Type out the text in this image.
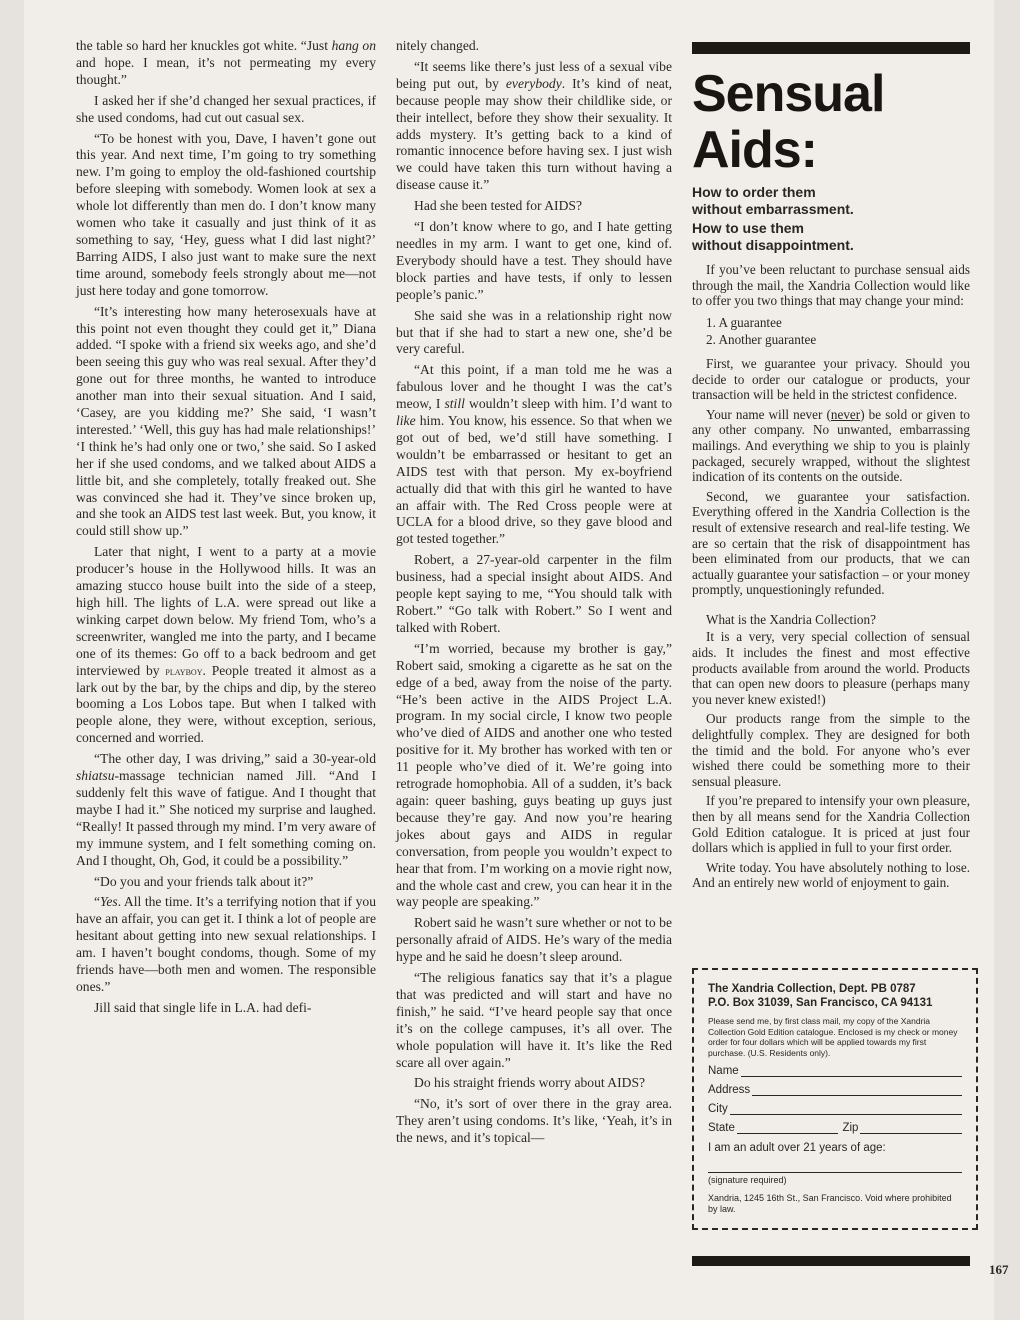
the table so hard her knuckles got white. “Just hang on and hope. I mean, it’s not permeating my every thought.”

I asked her if she’d changed her sexual practices, if she used condoms, had cut out casual sex.

“To be honest with you, Dave, I haven’t gone out this year. And next time, I’m going to try something new. I’m going to employ the old-fashioned courtship before sleeping with somebody. Women look at sex a whole lot differently than men do. I don’t know many women who take it casually and just think of it as something to say, ‘Hey, guess what I did last night?’ Barring AIDS, I also just want to make sure the next time around, somebody feels strongly about me—not just here today and gone tomorrow.

“It’s interesting how many heterosexuals have at this point not even thought they could get it,” Diana added. “I spoke with a friend six weeks ago, and she’d been seeing this guy who was real sexual. After they’d gone out for three months, he wanted to introduce another man into their sexual situation. And I said, ‘Casey, are you kidding me?’ She said, ‘I wasn’t interested.’ ‘Well, this guy has had male relationships!’ ‘I think he’s had only one or two,’ she said. So I asked her if she used condoms, and we talked about AIDS a little bit, and she completely, totally freaked out. She was convinced she had it. They’ve since broken up, and she took an AIDS test last week. But, you know, it could still show up.”

Later that night, I went to a party at a movie producer’s house in the Hollywood hills. It was an amazing stucco house built into the side of a steep, high hill. The lights of L.A. were spread out like a winking carpet down below. My friend Tom, who’s a screenwriter, wangled me into the party, and I became one of its themes: Go off to a back bedroom and get interviewed by playboy. People treated it almost as a lark out by the bar, by the chips and dip, by the stereo booming a Los Lobos tape. But when I talked with people alone, they were, without exception, serious, concerned and worried.

“The other day, I was driving,” said a 30-year-old shiatsu-massage technician named Jill. “And I suddenly felt this wave of fatigue. And I thought that maybe I had it.” She noticed my surprise and laughed. “Really! It passed through my mind. I’m very aware of my immune system, and I felt something coming on. And I thought, Oh, God, it could be a possibility.”

“Do you and your friends talk about it?”

“Yes. All the time. It’s a terrifying notion that if you have an affair, you can get it. I think a lot of people are hesitant about getting into new sexual relationships. I am. I haven’t bought condoms, though. Some of my friends have—both men and women. The responsible ones.”

Jill said that single life in L.A. had defi-

nitely changed.

“It seems like there’s just less of a sexual vibe being put out, by everybody. It’s kind of neat, because people may show their childlike side, or their intellect, before they show their sexuality. It adds mystery. It’s getting back to a kind of romantic innocence before having sex. I just wish we could have taken this turn without having a disease cause it.”

Had she been tested for AIDS?

“I don’t know where to go, and I hate getting needles in my arm. I want to get one, kind of. Everybody should have a test. They should have block parties and have tests, if only to lessen people’s panic.”

She said she was in a relationship right now but that if she had to start a new one, she’d be very careful.

“At this point, if a man told me he was a fabulous lover and he thought I was the cat’s meow, I still wouldn’t sleep with him. I’d want to like him. You know, his essence. So that when we got out of bed, we’d still have something. I wouldn’t be embarrassed or hesitant to get an AIDS test with that person. My ex-boyfriend actually did that with this girl he wanted to have an affair with. The Red Cross people were at UCLA for a blood drive, so they gave blood and got tested together.”

Robert, a 27-year-old carpenter in the film business, had a special insight about AIDS. And people kept saying to me, “You should talk with Robert.” “Go talk with Robert.” So I went and talked with Robert.

“I’m worried, because my brother is gay,” Robert said, smoking a cigarette as he sat on the edge of a bed, away from the noise of the party. “He’s been active in the AIDS Project L.A. program. In my social circle, I know two people who’ve died of AIDS and another one who tested positive for it. My brother has worked with ten or 11 people who’ve died of it. We’re going into retrograde homophobia. All of a sudden, it’s back again: queer bashing, guys beating up guys just because they’re gay. And now you’re hearing jokes about gays and AIDS in regular conversation, from people you wouldn’t expect to hear that from. I’m working on a movie right now, and the whole cast and crew, you can hear it in the way people are speaking.”

Robert said he wasn’t sure whether or not to be personally afraid of AIDS. He’s wary of the media hype and he said he doesn’t sleep around.

“The religious fanatics say that it’s a plague that was predicted and will start and have no finish,” he said. “I’ve heard people say that once it’s on the college campuses, it’s all over. The whole population will have it. It’s like the Red scare all over again.”

Do his straight friends worry about AIDS?

“No, it’s sort of over there in the gray area. They aren’t using condoms. It’s like, ‘Yeah, it’s in the news, and it’s topical—

Sensual
Aids:
How to order them
without embarrassment.
How to use them
without disappointment.

If you’ve been reluctant to purchase sensual aids through the mail, the Xandria Collection would like to offer you two things that may change your mind:

1. A guarantee
2. Another guarantee

First, we guarantee your privacy. Should you decide to order our catalogue or products, your transaction will be held in the strictest confidence.

Your name will never (never) be sold or given to any other company. No unwanted, embarrassing mailings. And everything we ship to you is plainly packaged, securely wrapped, without the slightest indication of its contents on the outside.

Second, we guarantee your satisfaction. Everything offered in the Xandria Collection is the result of extensive research and real-life testing. We are so certain that the risk of disappointment has been eliminated from our products, that we can actually guarantee your satisfaction – or your money promptly, unquestioningly refunded.

What is the Xandria Collection?

It is a very, very special collection of sensual aids. It includes the finest and most effective products available from around the world. Products that can open new doors to pleasure (perhaps many you never knew existed!)

Our products range from the simple to the delightfully complex. They are designed for both the timid and the bold. For anyone who’s ever wished there could be something more to their sensual pleasure.

If you’re prepared to intensify your own pleasure, then by all means send for the Xandria Collection Gold Edition catalogue. It is priced at just four dollars which is applied in full to your first order.

Write today. You have absolutely nothing to lose. And an entirely new world of enjoyment to gain.

The Xandria Collection, Dept. PB 0787
P.O. Box 31039, San Francisco, CA 94131
Please send me, by first class mail, my copy of the Xandria Collection Gold Edition catalogue. Enclosed is my check or money order for four dollars which will be applied towards my first purchase. (U.S. Residents only).
Name
Address
City
State	Zip
I am an adult over 21 years of age:
(signature required)
Xandria, 1245 16th St., San Francisco. Void where prohibited by law.
167
